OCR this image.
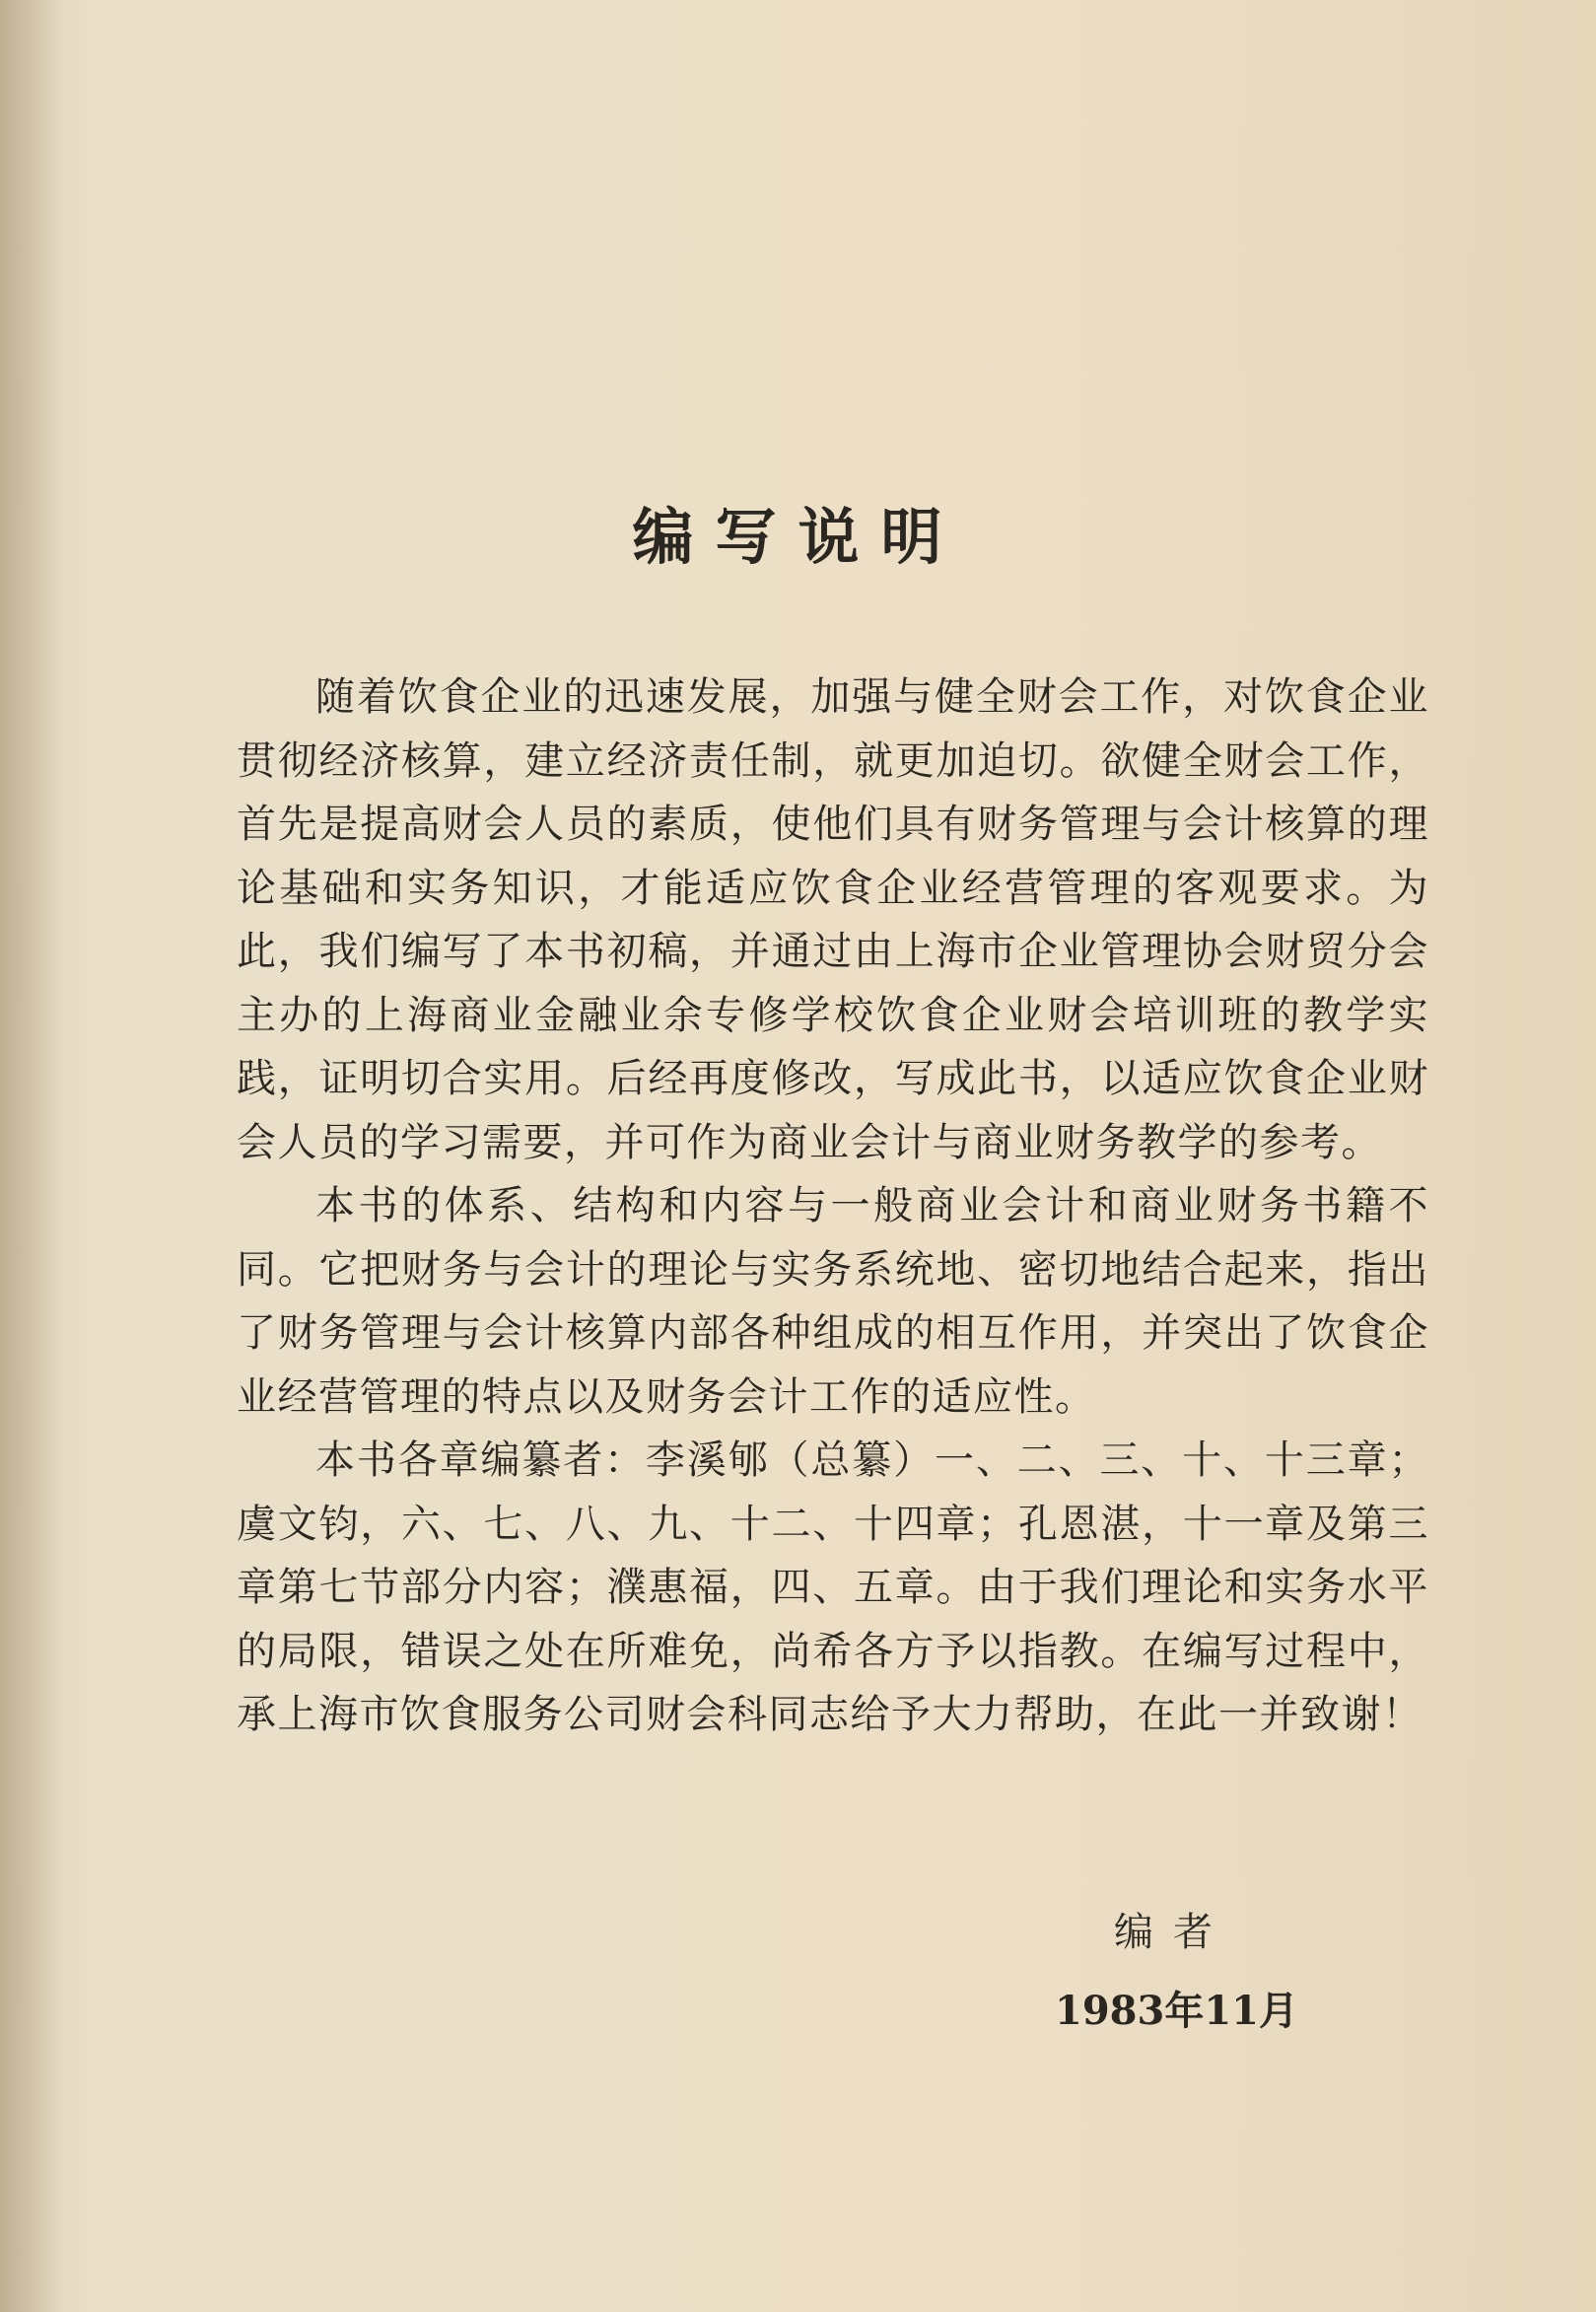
编写说明

随着饮食企业的迅速发展，加强与健全财会工作，对饮食企业贯彻经济核算，建立经济责任制，就更加迫切。欲健全财会工作，首先是提高财会人员的素质，使他们具有财务管理与会计核算的理论基础和实务知识，才能适应饮食企业经营管理的客观要求。为此，我们编写了本书初稿，并通过由上海市企业管理协会财贸分会主办的上海商业金融业余专修学校饮食企业财会培训班的教学实践，证明切合实用。后经再度修改，写成此书，以适应饮食企业财会人员的学习需要，并可作为商业会计与商业财务教学的参考。

本书的体系、结构和内容与一般商业会计和商业财务书籍不同。它把财务与会计的理论与实务系统地、密切地结合起来，指出了财务管理与会计核算内部各种组成的相互作用，并突出了饮食企业经营管理的特点以及财务会计工作的适应性。

本书各章编纂者：李溪郇（总纂）一、二、三、十、十三章；虞文钧，六、七、八、九、十二、十四章；孔恩湛，十一章及第三章第七节部分内容；濮惠福，四、五章。由于我们理论和实务水平的局限，错误之处在所难免，尚希各方予以指教。在编写过程中，承上海市饮食服务公司财会科同志给予大力帮助，在此一并致谢！

编者
1983年11月
